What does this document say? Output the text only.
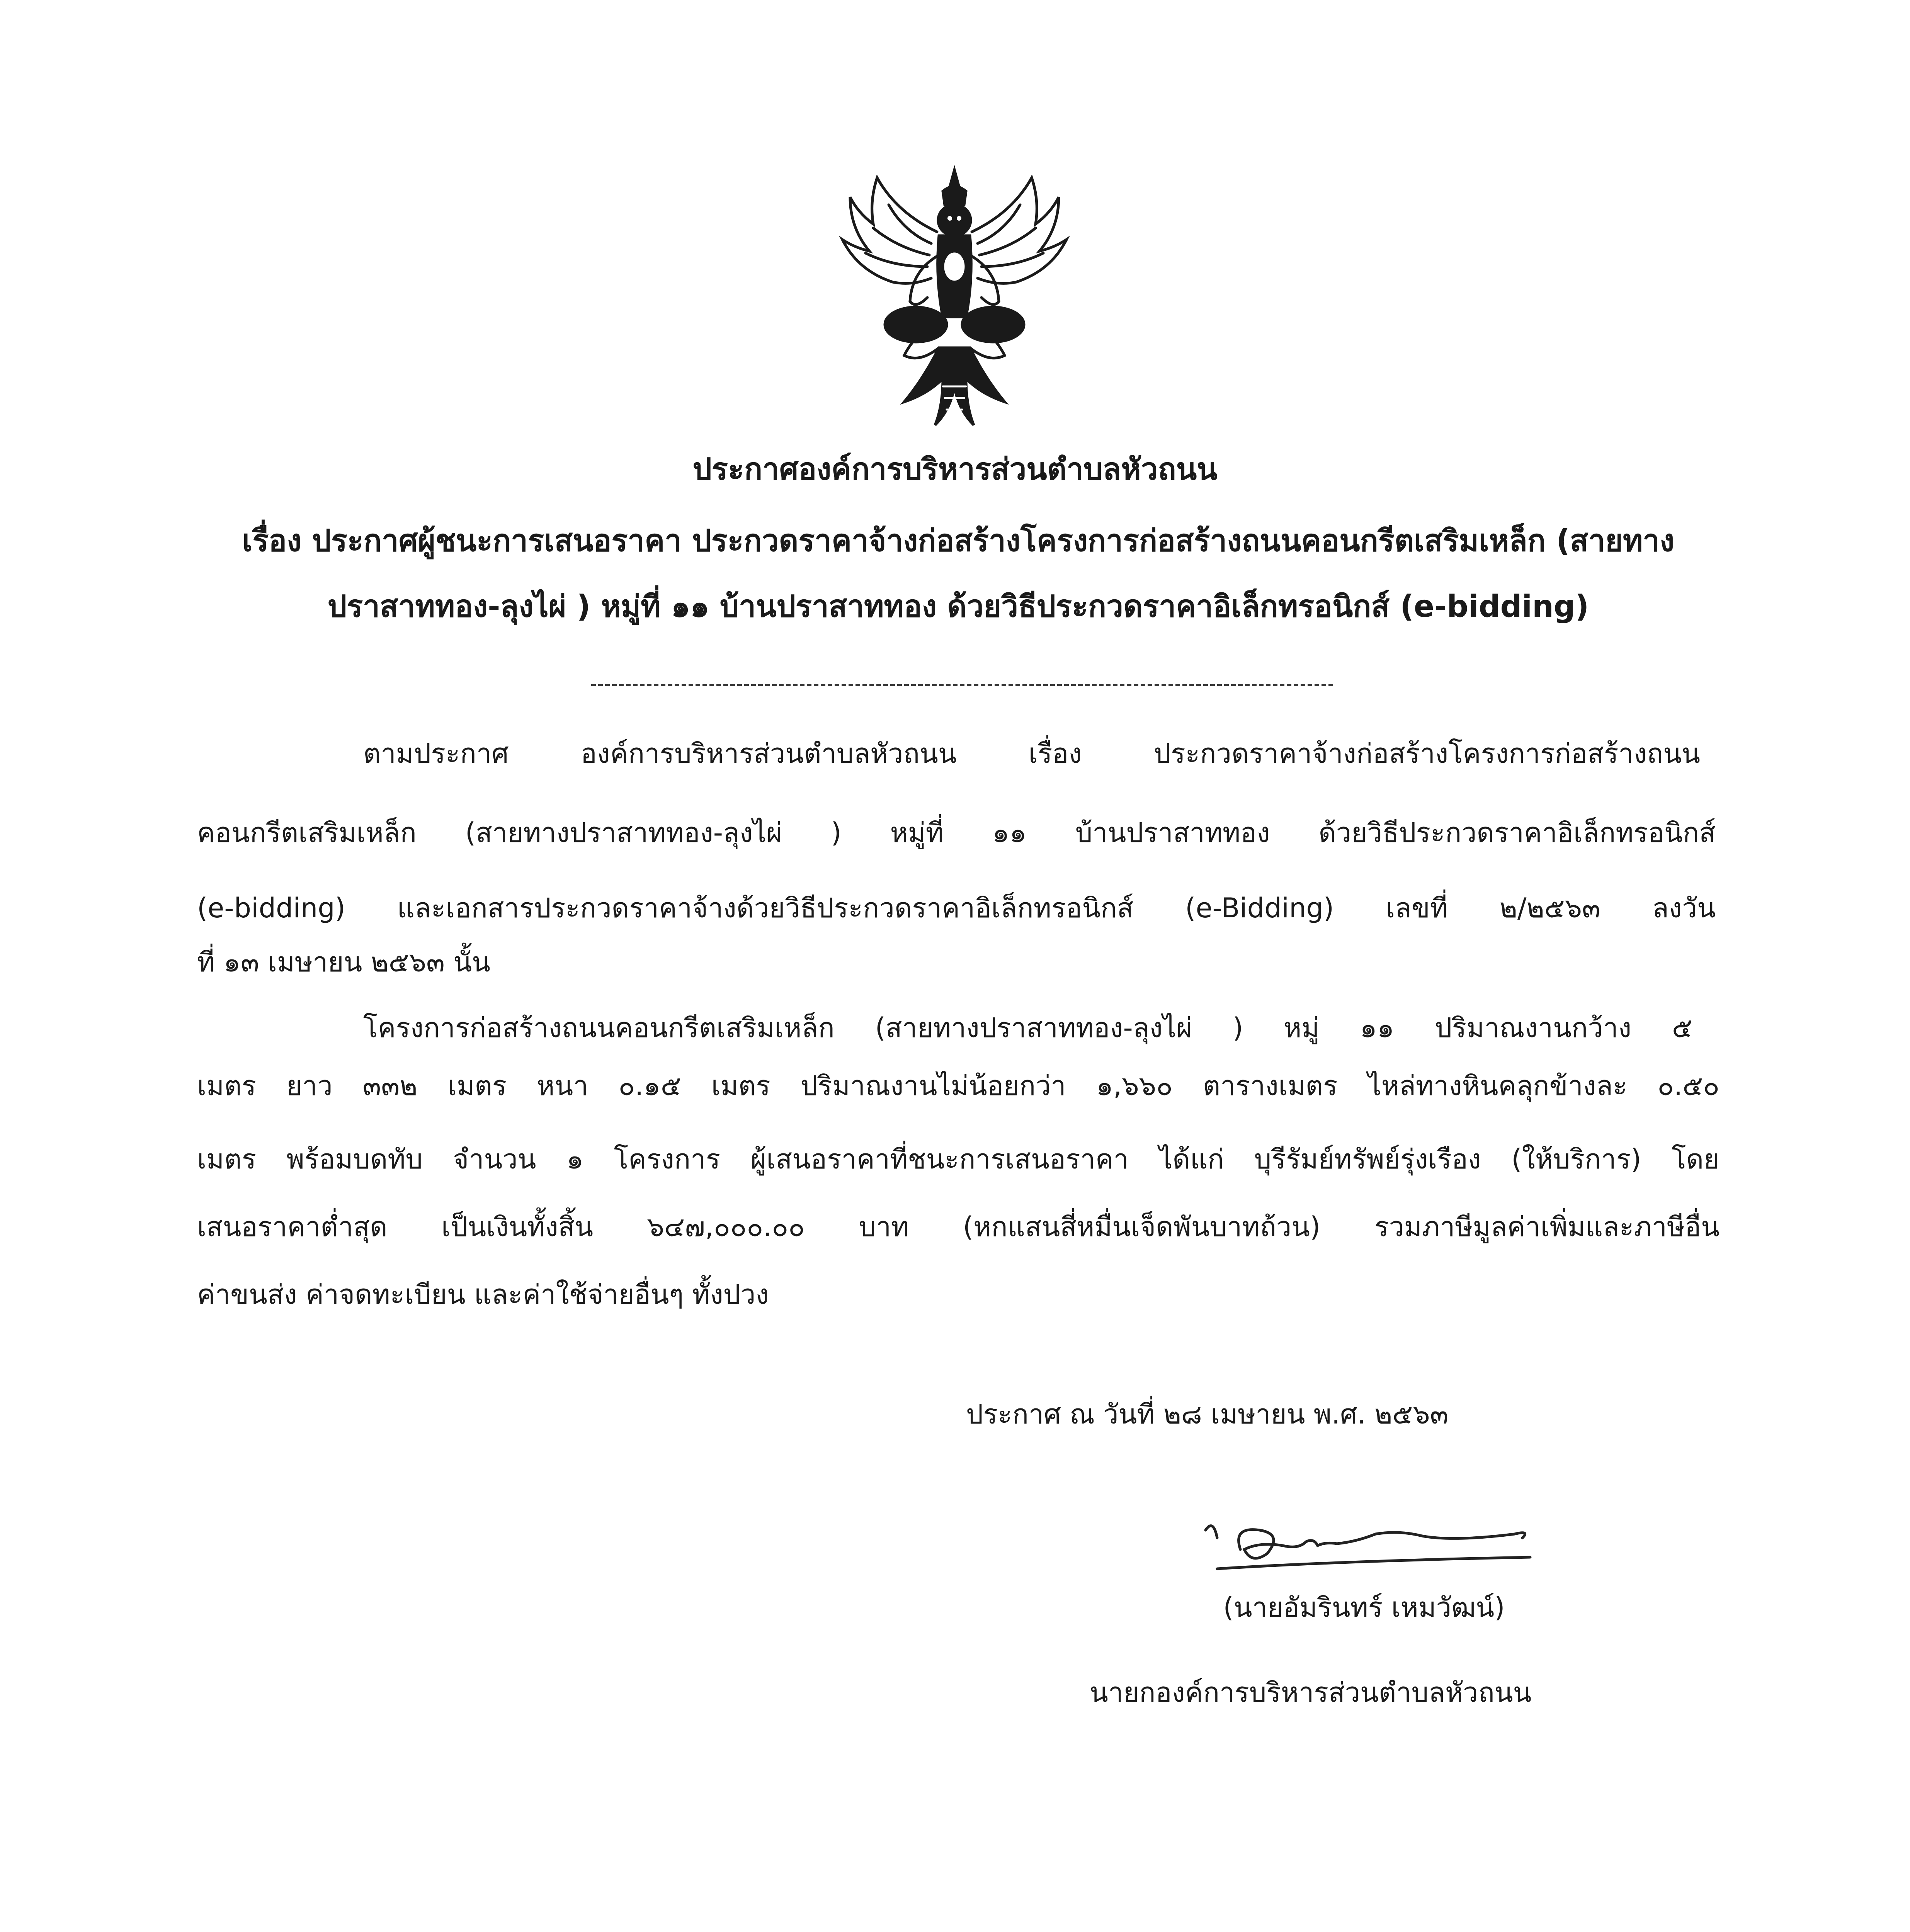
ประกาศองค์การบริหารส่วนตำบลหัวถนน
เรื่อง ประกาศผู้ชนะการเสนอราคา ประกวดราคาจ้างก่อสร้างโครงการก่อสร้างถนนคอนกรีตเสริมเหล็ก (สายทาง
ปราสาททอง-ลุงไผ่ ) หมู่ที่ ๑๑ บ้านปราสาททอง ด้วยวิธีประกวดราคาอิเล็กทรอนิกส์ (e-bidding)
ตามประกาศ องค์การบริหารส่วนตำบลหัวถนน เรื่อง ประกวดราคาจ้างก่อสร้างโครงการก่อสร้างถนน
คอนกรีตเสริมเหล็ก (สายทางปราสาททอง-ลุงไผ่ ) หมู่ที่ ๑๑ บ้านปราสาททอง ด้วยวิธีประกวดราคาอิเล็กทรอนิกส์
(e-bidding) และเอกสารประกวดราคาจ้างด้วยวิธีประกวดราคาอิเล็กทรอนิกส์ (e-Bidding) เลขที่ ๒/๒๕๖๓ ลงวัน
ที่ ๑๓ เมษายน ๒๕๖๓ นั้น
โครงการก่อสร้างถนนคอนกรีตเสริมเหล็ก (สายทางปราสาททอง-ลุงไผ่ ) หมู่ ๑๑ ปริมาณงานกว้าง ๕
เมตร ยาว ๓๓๒ เมตร หนา ๐.๑๕ เมตร ปริมาณงานไม่น้อยกว่า ๑,๖๖๐ ตารางเมตร ไหล่ทางหินคลุกข้างละ ๐.๕๐
เมตร พร้อมบดทับ จำนวน ๑ โครงการ ผู้เสนอราคาที่ชนะการเสนอราคา ได้แก่ บุรีรัมย์ทรัพย์รุ่งเรือง (ให้บริการ) โดย
เสนอราคาต่ำสุด เป็นเงินทั้งสิ้น ๖๔๗,๐๐๐.๐๐ บาท (หกแสนสี่หมื่นเจ็ดพันบาทถ้วน) รวมภาษีมูลค่าเพิ่มและภาษีอื่น
ค่าขนส่ง ค่าจดทะเบียน และค่าใช้จ่ายอื่นๆ ทั้งปวง
ประกาศ ณ วันที่ ๒๘ เมษายน พ.ศ. ๒๕๖๓
(นายอัมรินทร์ เหมวัฒน์)
นายกองค์การบริหารส่วนตำบลหัวถนน
